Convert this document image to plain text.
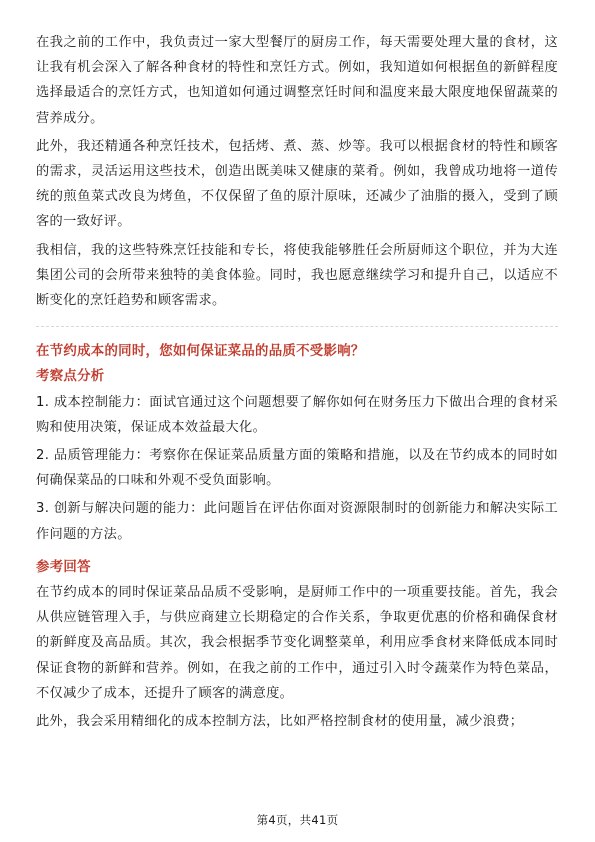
在我之前的工作中，我负责过一家大型餐厅的厨房工作，每天需要处理大量的食材，这让我有机会深入了解各种食材的特性和烹饪方式。例如，我知道如何根据鱼的新鲜程度选择最适合的烹饪方式，也知道如何通过调整烹饪时间和温度来最大限度地保留蔬菜的营养成分。

此外，我还精通各种烹饪技术，包括烤、煮、蒸、炒等。我可以根据食材的特性和顾客的需求，灵活运用这些技术，创造出既美味又健康的菜肴。例如，我曾成功地将一道传统的煎鱼菜式改良为烤鱼，不仅保留了鱼的原汁原味，还减少了油脂的摄入，受到了顾客的一致好评。

我相信，我的这些特殊烹饪技能和专长，将使我能够胜任会所厨师这个职位，并为大连集团公司的会所带来独特的美食体验。同时，我也愿意继续学习和提升自己，以适应不断变化的烹饪趋势和顾客需求。

在节约成本的同时，您如何保证菜品的品质不受影响？

考察点分析

1. 成本控制能力：面试官通过这个问题想要了解你如何在财务压力下做出合理的食材采购和使用决策，保证成本效益最大化。

2. 品质管理能力：考察你在保证菜品质量方面的策略和措施，以及在节约成本的同时如何确保菜品的口味和外观不受负面影响。

3. 创新与解决问题的能力：此问题旨在评估你面对资源限制时的创新能力和解决实际工作问题的方法。

参考回答

在节约成本的同时保证菜品品质不受影响，是厨师工作中的一项重要技能。首先，我会从供应链管理入手，与供应商建立长期稳定的合作关系，争取更优惠的价格和确保食材的新鲜度及高品质。其次，我会根据季节变化调整菜单，利用应季食材来降低成本同时保证食物的新鲜和营养。例如，在我之前的工作中，通过引入时令蔬菜作为特色菜品，不仅减少了成本，还提升了顾客的满意度。

此外，我会采用精细化的成本控制方法，比如严格控制食材的使用量，减少浪费；

第4页，共41页
